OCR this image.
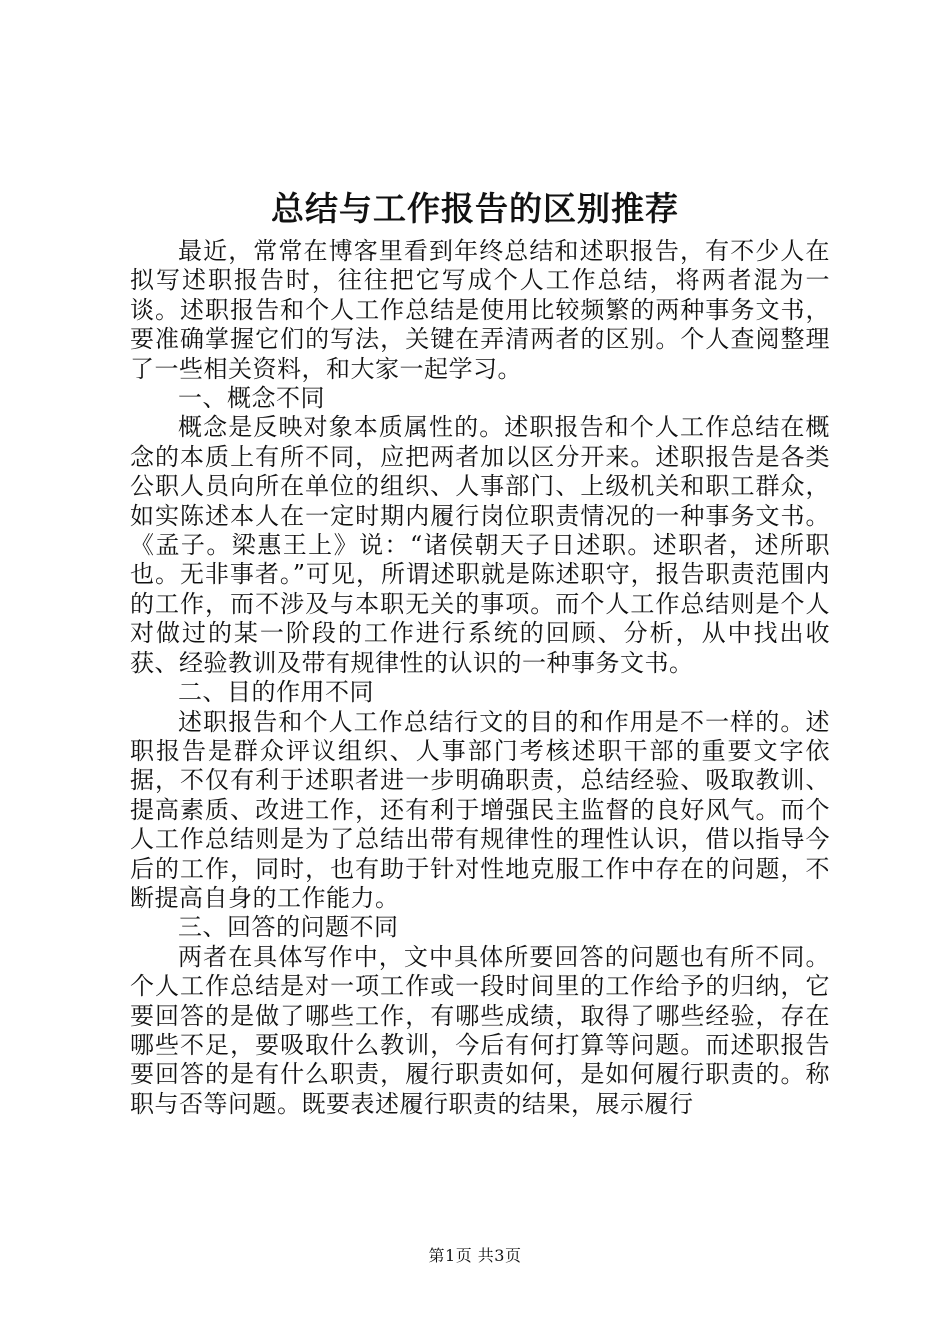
总结与工作报告的区别推荐

最近，常常在博客里看到年终总结和述职报告，有不少人在拟写述职报告时，往往把它写成个人工作总结，将两者混为一谈。述职报告和个人工作总结是使用比较频繁的两种事务文书，要准确掌握它们的写法，关键在弄清两者的区别。个人查阅整理了一些相关资料，和大家一起学习。

一、概念不同

概念是反映对象本质属性的。述职报告和个人工作总结在概念的本质上有所不同，应把两者加以区分开来。述职报告是各类公职人员向所在单位的组织、人事部门、上级机关和职工群众，如实陈述本人在一定时期内履行岗位职责情况的一种事务文书。《孟子。梁惠王上》说：“诸侯朝天子日述职。述职者，述所职也。无非事者。”可见，所谓述职就是陈述职守，报告职责范围内的工作，而不涉及与本职无关的事项。而个人工作总结则是个人对做过的某一阶段的工作进行系统的回顾、分析，从中找出收获、经验教训及带有规律性的认识的一种事务文书。

二、目的作用不同

述职报告和个人工作总结行文的目的和作用是不一样的。述职报告是群众评议组织、人事部门考核述职干部的重要文字依据，不仅有利于述职者进一步明确职责，总结经验、吸取教训、提高素质、改进工作，还有利于增强民主监督的良好风气。而个人工作总结则是为了总结出带有规律性的理性认识，借以指导今后的工作，同时，也有助于针对性地克服工作中存在的问题，不断提高自身的工作能力。

三、回答的问题不同

两者在具体写作中，文中具体所要回答的问题也有所不同。个人工作总结是对一项工作或一段时间里的工作给予的归纳，它要回答的是做了哪些工作，有哪些成绩，取得了哪些经验，存在哪些不足，要吸取什么教训，今后有何打算等问题。而述职报告要回答的是有什么职责，履行职责如何，是如何履行职责的。称职与否等问题。既要表述履行职责的结果，展示履行

第1页 共3页
